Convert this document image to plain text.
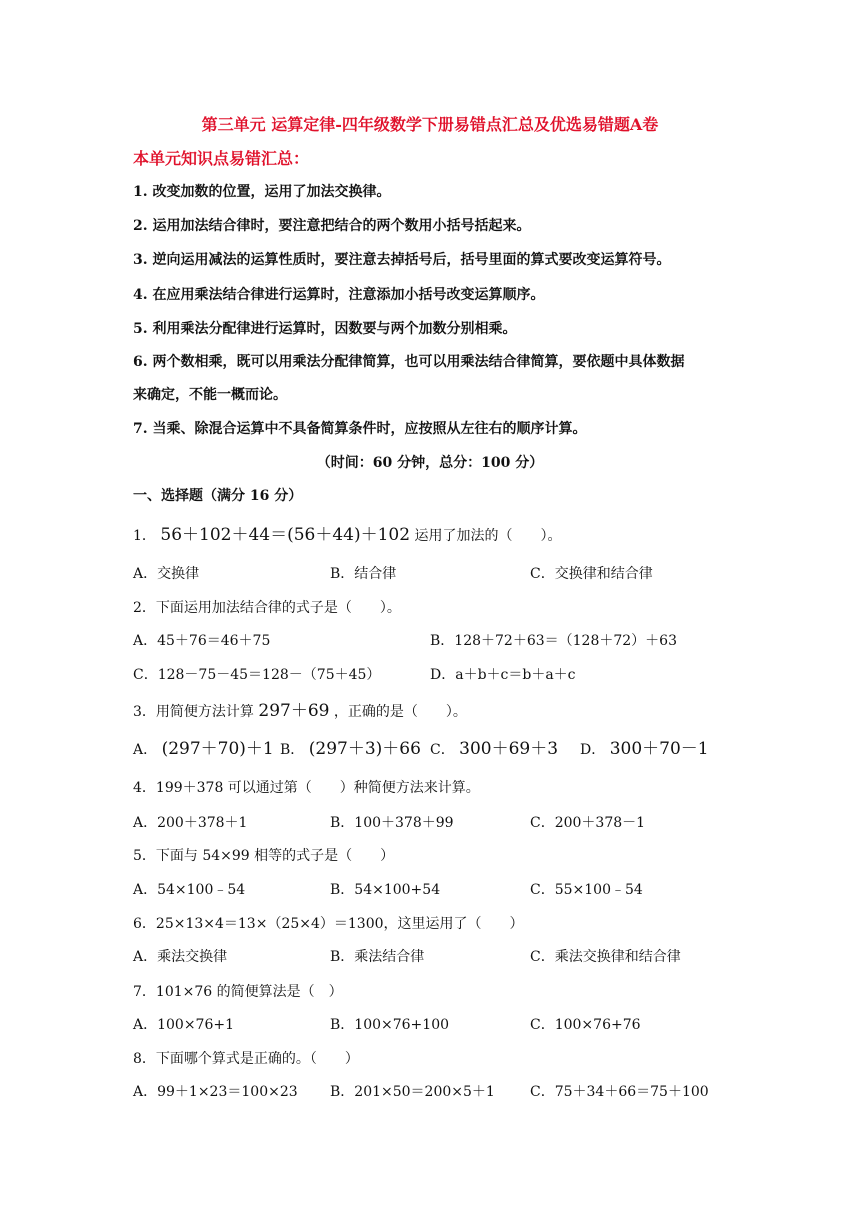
第三单元 运算定律-四年级数学下册易错点汇总及优选易错题A卷
本单元知识点易错汇总：
1. 改变加数的位置，运用了加法交换律。
2. 运用加法结合律时，要注意把结合的两个数用小括号括起来。
3. 逆向运用减法的运算性质时，要注意去掉括号后，括号里面的算式要改变运算符号。
4. 在应用乘法结合律进行运算时，注意添加小括号改变运算顺序。
5. 利用乘法分配律进行运算时，因数要与两个加数分别相乘。
6. 两个数相乘，既可以用乘法分配律简算，也可以用乘法结合律简算，要依题中具体数据
来确定，不能一概而论。
7. 当乘、除混合运算中不具备简算条件时，应按照从左往右的顺序计算。
（时间：60 分钟，总分：100 分）
一、选择题（满分 16 分）
1． 56＋102＋44＝(56＋44)＋102 运用了加法的（　　）。
A．交换律	B．结合律	C．交换律和结合律
2．下面运用加法结合律的式子是（　　）。
A．45＋76＝46＋75	B．128＋72＋63＝（128＋72）＋63
C．128－75－45＝128－（75＋45）	D．a＋b＋c＝b＋a＋c
3．用简便方法计算 297＋69 ，正确的是（　　）。
A． (297＋70)＋1 B． (297＋3)＋66 C． 300＋69＋3 D． 300＋70－1
4．199＋378 可以通过第（　　）种简便方法来计算。
A．200＋378＋1	B．100＋378＋99	C．200＋378－1
5．下面与 54×99 相等的式子是（　　）
A．54×100﹣54	B．54×100+54	C．55×100﹣54
6．25×13×4＝13×（25×4）＝1300，这里运用了（　　）
A．乘法交换律	B．乘法结合律	C．乘法交换律和结合律
7．101×76 的简便算法是（　）
A．100×76+1	B．100×76+100	C．100×76+76
8．下面哪个算式是正确的。（　　）
A．99＋1×23＝100×23 B．201×50＝200×5＋1	C．75＋34＋66＝75＋100
